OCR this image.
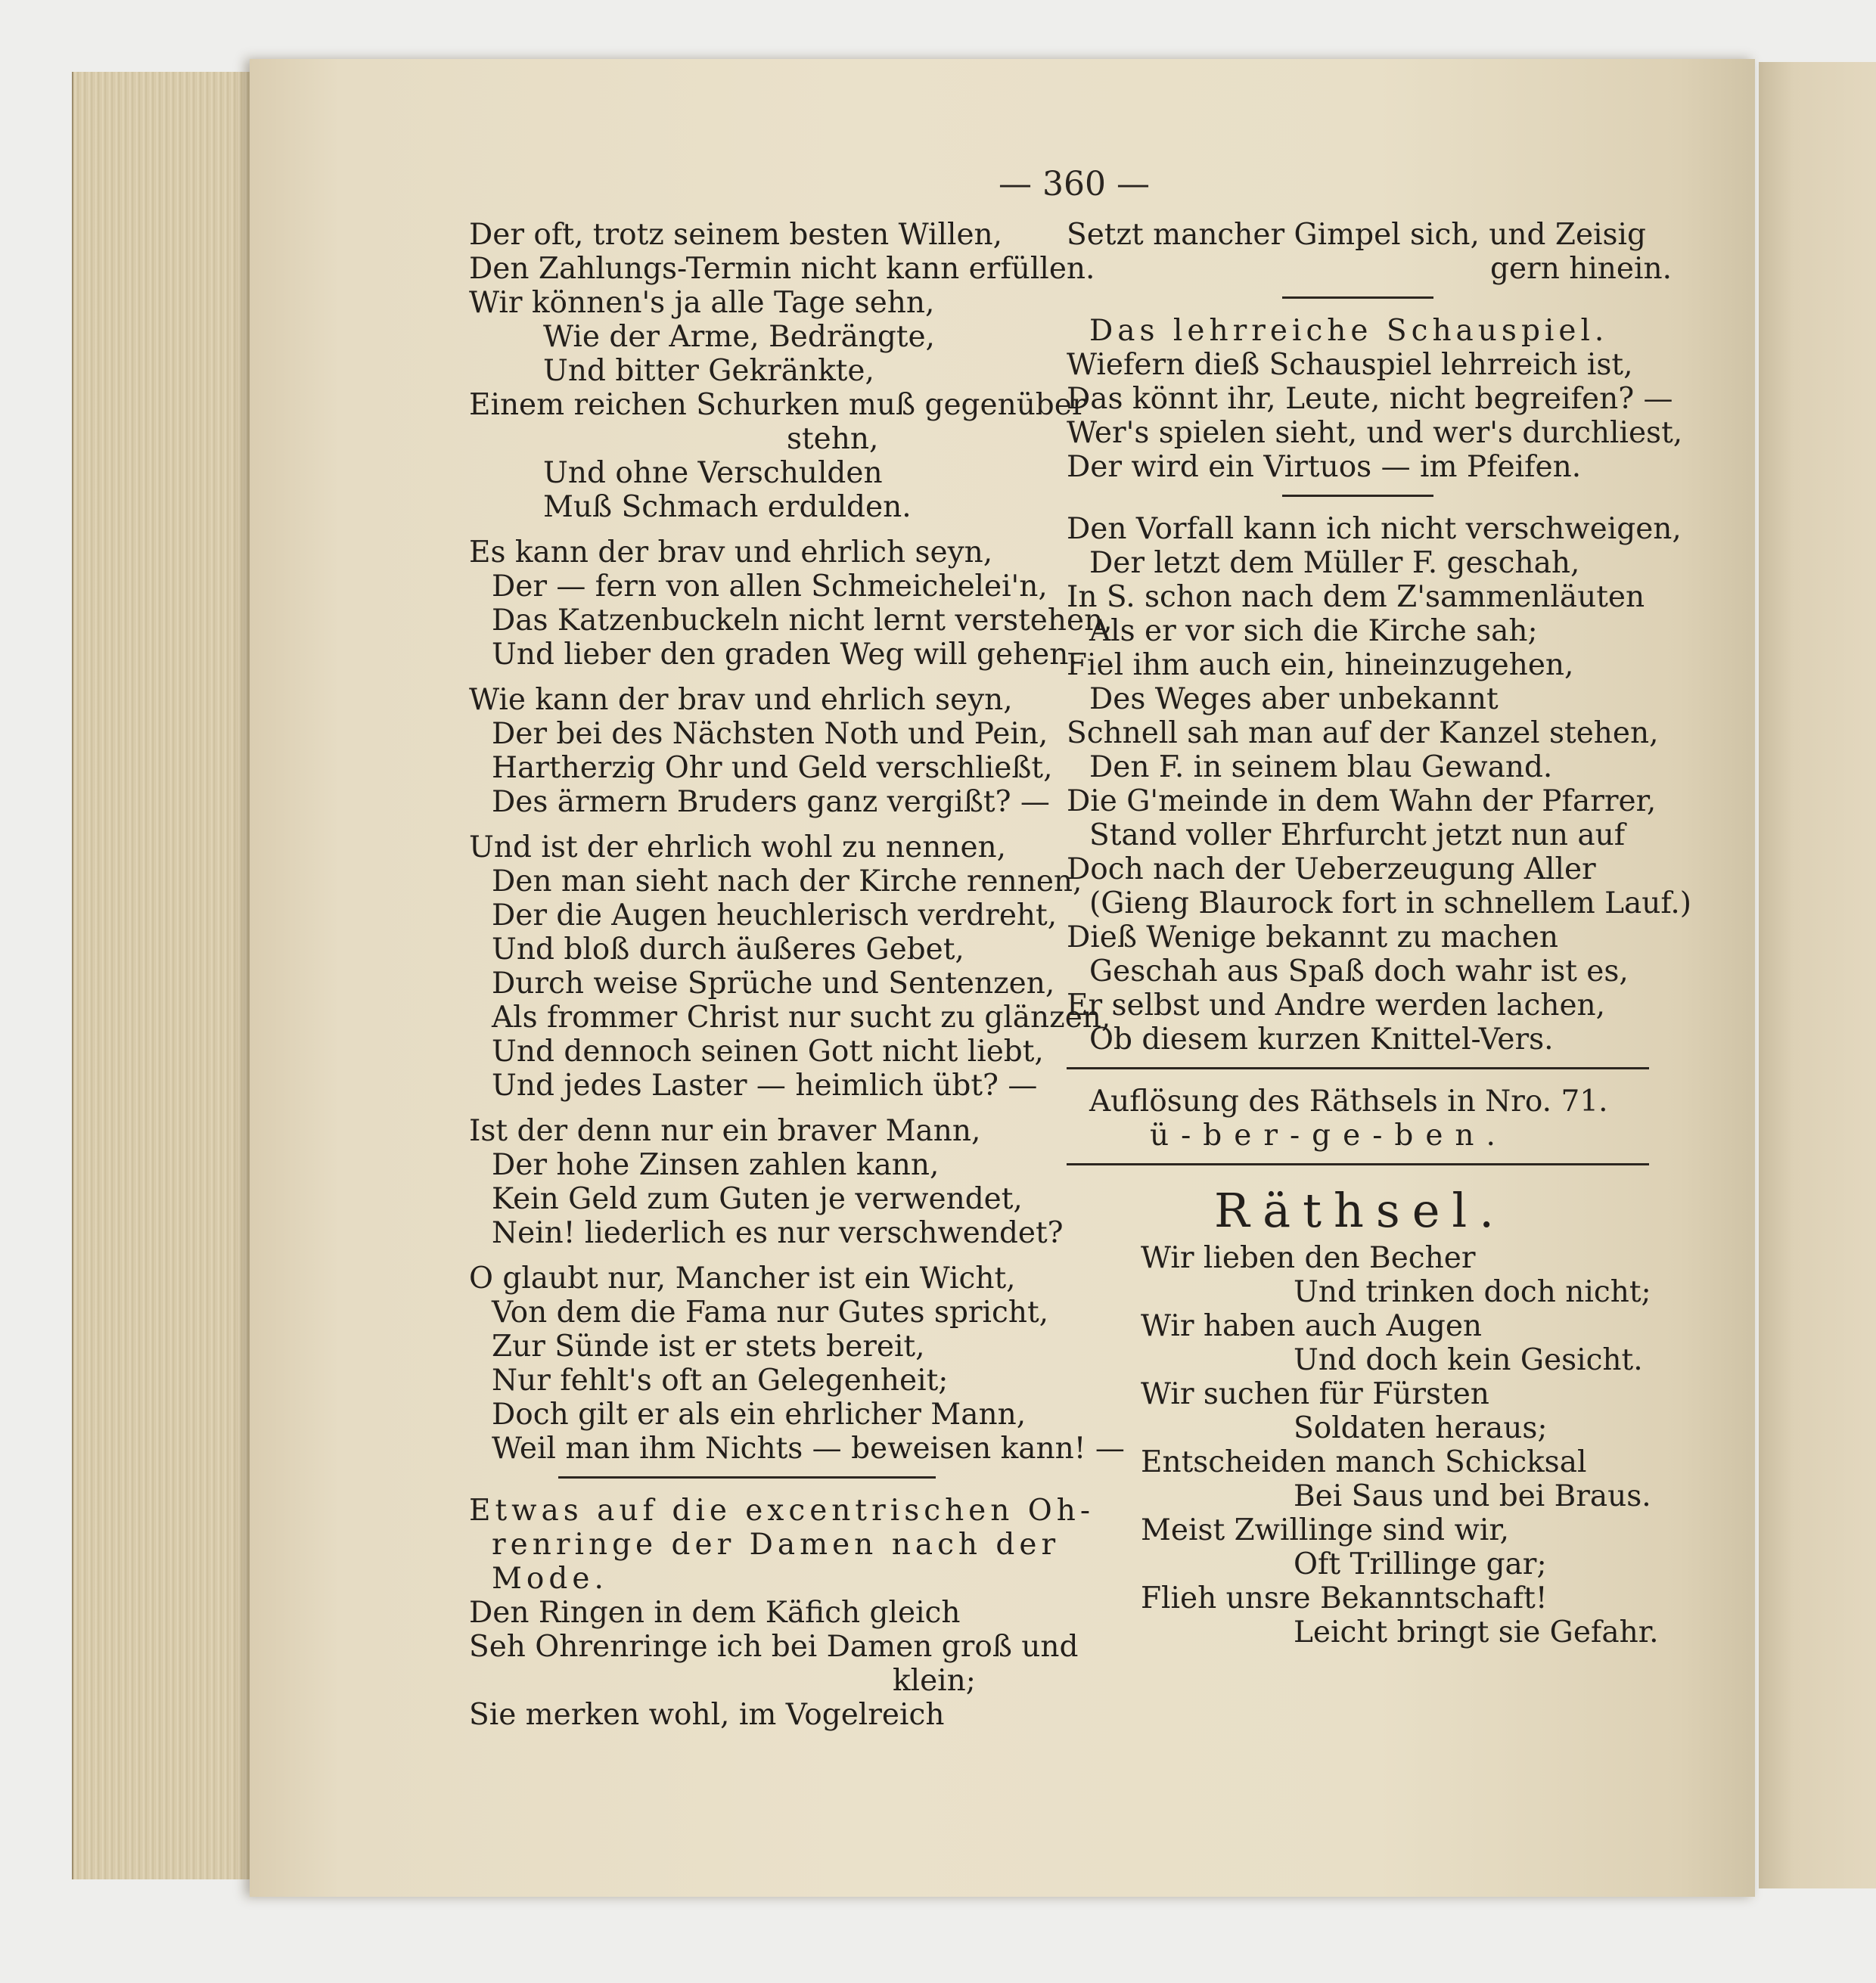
— 360 —
Der oft, trotz seinem besten Willen,
Den Zahlungs-Termin nicht kann erfüllen.
Wir können's ja alle Tage sehn,
Wie der Arme, Bedrängte,
Und bitter Gekränkte,
Einem reichen Schurken muß gegenüber
stehn,
Und ohne Verschulden
Muß Schmach erdulden.
Es kann der brav und ehrlich seyn,
Der — fern von allen Schmeichelei'n,
Das Katzenbuckeln nicht lernt verstehen,
Und lieber den graden Weg will gehen.
Wie kann der brav und ehrlich seyn,
Der bei des Nächsten Noth und Pein,
Hartherzig Ohr und Geld verschließt,
Des ärmern Bruders ganz vergißt? —
Und ist der ehrlich wohl zu nennen,
Den man sieht nach der Kirche rennen,
Der die Augen heuchlerisch verdreht,
Und bloß durch äußeres Gebet,
Durch weise Sprüche und Sentenzen,
Als frommer Christ nur sucht zu glänzen,
Und dennoch seinen Gott nicht liebt,
Und jedes Laster — heimlich übt? —
Ist der denn nur ein braver Mann,
Der hohe Zinsen zahlen kann,
Kein Geld zum Guten je verwendet,
Nein! liederlich es nur verschwendet?
O glaubt nur, Mancher ist ein Wicht,
Von dem die Fama nur Gutes spricht,
Zur Sünde ist er stets bereit,
Nur fehlt's oft an Gelegenheit;
Doch gilt er als ein ehrlicher Mann,
Weil man ihm Nichts — beweisen kann! —
Etwas auf die excentrischen Oh-
renringe der Damen nach der
Mode.
Den Ringen in dem Käfich gleich
Seh Ohrenringe ich bei Damen groß und
klein;
Sie merken wohl, im Vogelreich
Setzt mancher Gimpel sich, und Zeisig
gern hinein.
Das lehrreiche Schauspiel.
Wiefern dieß Schauspiel lehrreich ist,
Das könnt ihr, Leute, nicht begreifen? —
Wer's spielen sieht, und wer's durchliest,
Der wird ein Virtuos — im Pfeifen.
Den Vorfall kann ich nicht verschweigen,
Der letzt dem Müller F. geschah,
In S. schon nach dem Z'sammenläuten
Als er vor sich die Kirche sah;
Fiel ihm auch ein, hineinzugehen,
Des Weges aber unbekannt
Schnell sah man auf der Kanzel stehen,
Den F. in seinem blau Gewand.
Die G'meinde in dem Wahn der Pfarrer,
Stand voller Ehrfurcht jetzt nun auf
Doch nach der Ueberzeugung Aller
(Gieng Blaurock fort in schnellem Lauf.)
Dieß Wenige bekannt zu machen
Geschah aus Spaß doch wahr ist es,
Er selbst und Andre werden lachen,
Ob diesem kurzen Knittel-Vers.
Auflösung des Räthsels in Nro. 71.
ü-ber-ge-ben.
Räthsel.
Wir lieben den Becher
Und trinken doch nicht;
Wir haben auch Augen
Und doch kein Gesicht.
Wir suchen für Fürsten
Soldaten heraus;
Entscheiden manch Schicksal
Bei Saus und bei Braus.
Meist Zwillinge sind wir,
Oft Trillinge gar;
Flieh unsre Bekanntschaft!
Leicht bringt sie Gefahr.
